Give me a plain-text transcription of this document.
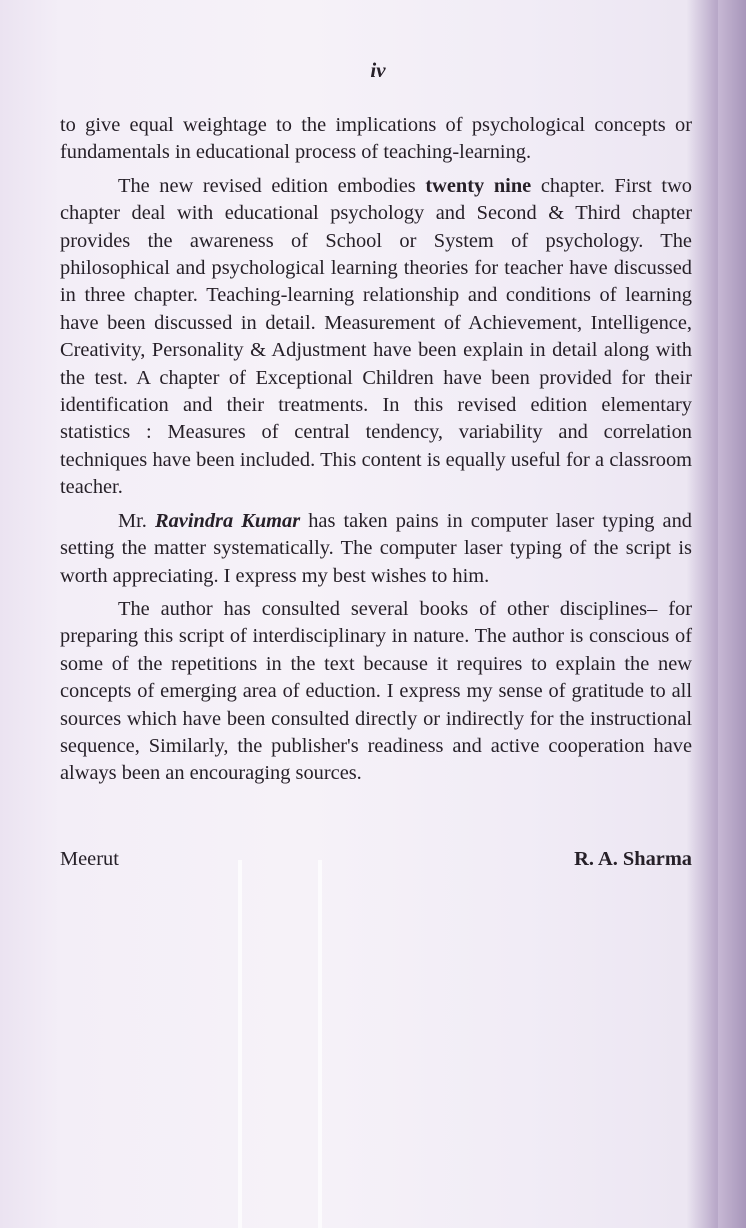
iv

to give equal weightage to the implications of psychological concepts or fundamentals in educational process of teaching-learning.

The new revised edition embodies twenty nine chapter. First two chapter deal with educational psychology and Second & Third chapter provides the awareness of School or System of psychology. The philosophical and psychological learning theories for teacher have discussed in three chapter. Teaching-learning relationship and conditions of learning have been discussed in detail. Measurement of Achievement, Intelligence, Creativity, Personality & Adjustment have been explain in detail along with the test. A chapter of Exceptional Children have been provided for their identification and their treatments. In this revised edition elementary statistics : Measures of central tendency, variability and correlation techniques have been included. This content is equally useful for a classroom teacher.

Mr. Ravindra Kumar has taken pains in computer laser typing and setting the matter systematically. The computer laser typing of the script is worth appreciating. I express my best wishes to him.

The author has consulted several books of other disciplines– for preparing this script of interdisciplinary in nature. The author is conscious of some of the repetitions in the text because it requires to explain the new concepts of emerging area of eduction. I express my sense of gratitude to all sources which have been consulted directly or indirectly for the instructional sequence, Similarly, the publisher's readiness and active cooperation have always been an encouraging sources.

Meerut	R. A. Sharma
